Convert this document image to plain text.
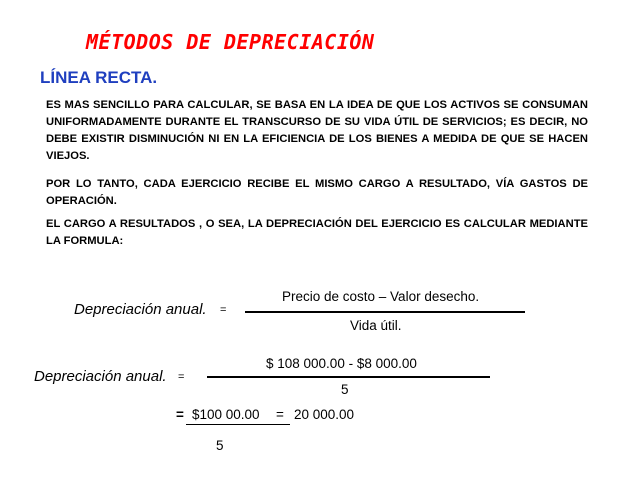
MÉTODOS DE DEPRECIACIÓN
LÍNEA RECTA.
ES MAS SENCILLO PARA CALCULAR, SE BASA EN LA IDEA DE QUE LOS ACTIVOS SE CONSUMAN UNIFORMADAMENTE DURANTE EL TRANSCURSO DE SU VIDA ÚTIL DE SERVICIOS; ES DECIR, NO DEBE EXISTIR DISMINUCIÓN NI EN LA EFICIENCIA DE LOS BIENES A MEDIDA DE QUE SE HACEN VIEJOS.
POR LO TANTO, CADA EJERCICIO RECIBE EL MISMO CARGO A RESULTADO, VÍA GASTOS DE OPERACIÓN.
EL CARGO A RESULTADOS , O SEA, LA DEPRECIACIÓN DEL EJERCICIO ES CALCULAR MEDIANTE LA FORMULA:
Depreciación anual. =
Precio de costo – Valor desecho.
Vida útil.
Depreciación anual. =
$ 108 000.00 - $8 000.00
5
= $100 00.00 = 20 000.00
5
